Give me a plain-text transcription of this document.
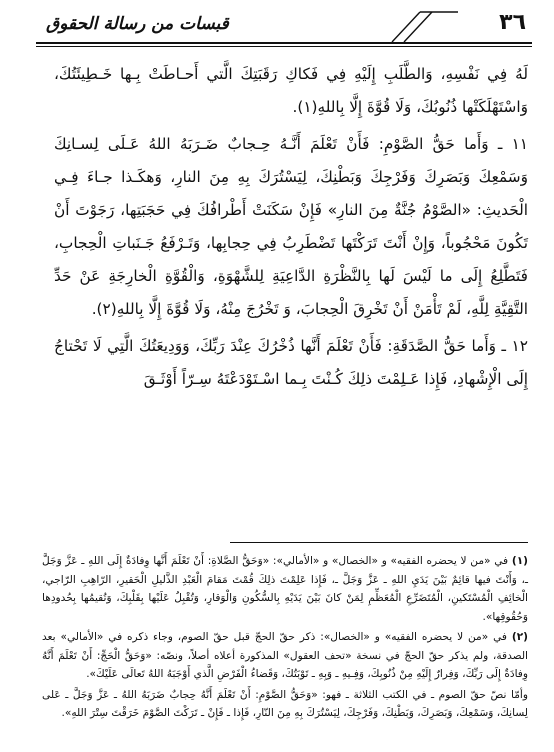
٣٦
قبسات من رسالة الحقوق

لَهُ فِي نَفْسِهِ، وَالطَّلَبِ إِلَيْهِ فِي فَكاكِ رَقَبَتِكَ الَّتي أَحـاطَتْ بِـها خَـطِيئَتُكَ، وَاسْتَهْلَكَتْها ذُنُوبُكَ، وَلَا قُوَّةَ إِلَّا بِاللهِ(١).

١١ ـ وَأَما حَقُّ الصَّوْمِ: فَأَنْ تَعْلَمَ أَنَّـهُ حِـجابٌ ضَـرَبَهُ اللهُ عَـلَى لِسـانِكَ وَسَمْعِكَ وَبَصَرِكَ وَفَرْجِكَ وَبَطْنِكَ، لِيَسْتُرَكَ بِهِ مِنَ النارِ، وَهكَـذا جـاءَ فِـي الْحَديثِ: «الصَّوْمُ جُنَّةٌ مِنَ النارِ» فَإِنْ سَكَنَتْ أَطْرافُكَ فِي حَجَبَتِها، رَجَوْتَ أَنْ تَكُونَ مَحْجُوباً، وَإِنْ أَنْتَ تَرَكْتَها تَضْطَرِبُ فِي حِجابِها، وَتَـرْفَعُ جَـنَباتِ الْحِجابِ، فَتَطَّلِعُ إِلَى ما لَيْسَ لَها بِالنَّظْرَةِ الدَّاعِيَةِ لِلشَّهْوَةِ، وَالْقُوَّةِ الْخارِجَةِ عَنْ حَدِّ التَّقِيَّةِ لِلَّهِ، لَمْ تَأْمَنْ أَنْ تَخْرِقَ الْحِجابَ، وَ تَخْرُجَ مِنْهُ، وَلَا قُوَّةَ إِلَّا بِاللهِ(٢).

١٢ ـ وَأَما حَقُّ الصَّدَقَةِ: فَأَنْ تَعْلَمَ أَنَّها ذُخْرُكَ عِنْدَ رَبِّكَ، وَوَدِيعَتُكَ الَّتِي لَا تَحْتاجُ إِلَى الْإِشْهادِ، فَإِذا عَـلِمْتَ ذلِكَ كُـنْتَ بِـما اسْـتَوْدَعْتَهُ سِـرّاً أَوْثَـقَ

(١) في «من لا يحضره الفقيه» و «الخصال» و «الأمالي»: «وَحَقُّ الصَّلاةِ: أَنْ تَعْلَمَ أَنَّها وِفادَةٌ إِلَى اللهِ ـ عَزَّ وَجَلَّ ـ، وَأَنْتَ فيها قائِمٌ بَيْنَ يَدَيِ اللهِ ـ عَزَّ وَجَلَّ ـ، فَإِذا عَلِمْتَ ذلِكَ قُمْتَ مَقامَ الْعَبْدِ الذَّليلِ الْحَقيرِ، الرّاهِبِ الرّاجي، الْخائِفِ الْمُسْتَكينِ، الْمُتَضَرِّعِ الْمُعَظِّمِ لِمَنْ كانَ بَيْنَ يَدَيْهِ بِالسُّكُونِ وَالْوَقارِ، وَتُقْبِلُ عَلَيْها بِقَلْبِكَ، وَتُقيمُها بِحُدودِها وَحُقُوقِها».

(٢) في «من لا يحضره الفقيه» و «الخصال»: ذكر حقّ الحجّ قبل حقّ الصوم، وجاء ذكره في «الأمالي» بعد الصدقة، ولم يذكر حقّ الحجّ في نسخة «تحف العقول» المذكورة أعلاه أصلاً، ونصّه: «وَحَقُّ الْحَجِّ: أَنْ تَعْلَمَ أَنَّهُ وِفادَةٌ إِلَى رَبِّكَ، وَفِرارٌ إِلَيْهِ مِنْ ذُنُوبِكَ، وَفِـيهِ ـ وَبِهِ ـ تَوْبَتُكَ، وَقَضاءُ الْفَرْضِ الَّذي أَوْجَبَهُ اللهُ تَعالَى عَلَيْكَ».

وأمّا نصّ حقّ الصوم ـ في الكتب الثلاثة ـ فهو: «وَحَقُّ الصَّوْمِ: أَنْ تَعْلَمَ أَنَّهُ حِجابٌ ضَرَبَهُ اللهُ ـ عَزَّ وَجَلَّ ـ عَلى لِسانِكَ، وَسَمْعِكَ، وَبَصَرِكَ، وَبَطْنِكَ، وَفَرْجِكَ، لِيَسْتُرَكَ بِهِ مِنَ النّارِ، فَإِذا ـ فَإِنْ ـ تَرَكْتَ الصَّوْمَ خَرَقْتَ سِتْرَ اللهِ».
